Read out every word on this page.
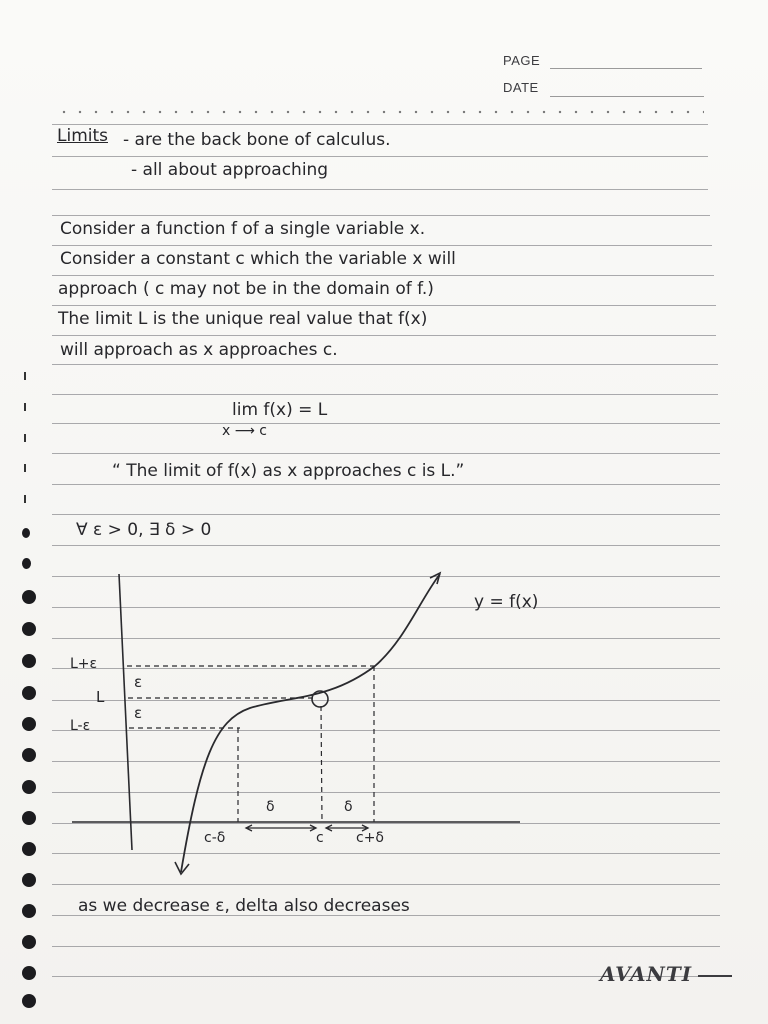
PAGE
DATE
Limits - are the back bone of calculus.
- all about approaching
Consider a function f of a single variable x.
Consider a constant c which the variable x will
approach ( c may not be in the domain of f.)
The limit L is the unique real value that f(x)
will approach as x approaches c.
lim f(x) = L
x ⟶ c
“ The limit of f(x) as x approaches c is L.”
∀ ε > 0, ∃ δ > 0
y = f(x)
L+ε
L
L-ε
ε
ε
δ	δ
c-δ	c c+δ
as we decrease ε, delta also decreases
AVANTI
